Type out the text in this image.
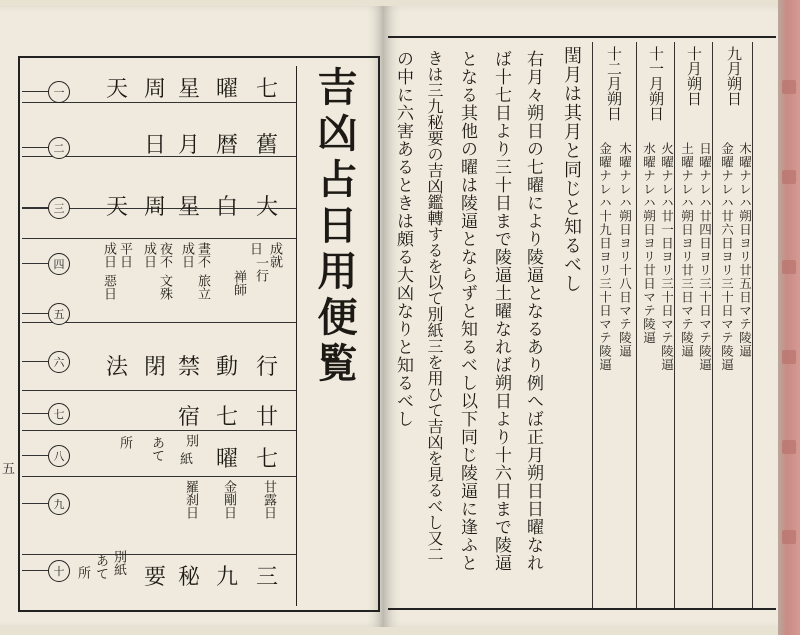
吉凶占日用便覧
一
二
三
四
五
六
七
八
九
十
五
七
舊
大
成就
一行
行
廿
七
甘露日
三
曜
暦
白
日
禅師
動
七
曜
金剛日
九
星
月
星
晝不
成日
旅立
禁
宿
別
紙
羅刹日
秘
周
日
周
夜不
成日
文殊
閉
あて
要
天
天
平日
成日
惡日
法
所
別紙
あて
所
九月朔日
十月朔日
十一月朔日
十二月朔日
閏月は其月と同じと知るべし	木曜ナレハ朔日ヨリ廿五日マテ陵逼
金曜ナレハ廿六日ヨリ三十日マテ陵逼
日曜ナレハ廿四日ヨリ三十日マテ陵逼
土曜ナレハ朔日ヨリ廿三日マテ陵逼
火曜ナレハ廿一日ヨリ三十日マテ陵逼
水曜ナレハ朔日ヨリ廿日マテ陵逼
木曜ナレハ朔日ヨリ十八日マテ陵逼
金曜ナレハ十九日ヨリ三十日マテ陵逼
右月々朔日の七曜により陵逼となるあり例へば正月朔日日曜なれ
ば十七日より三十日まで陵逼土曜なれば朔日より十六日まで陵逼
となる其他の曜は陵逼とならずと知るべし以下同じ陵逼に逢ふと
きは三九秘要の吉凶鑑轉するを以て別紙三を用ひて吉凶を見るべし又二
の中に六害あるときは頗る大凶なりと知るべし
